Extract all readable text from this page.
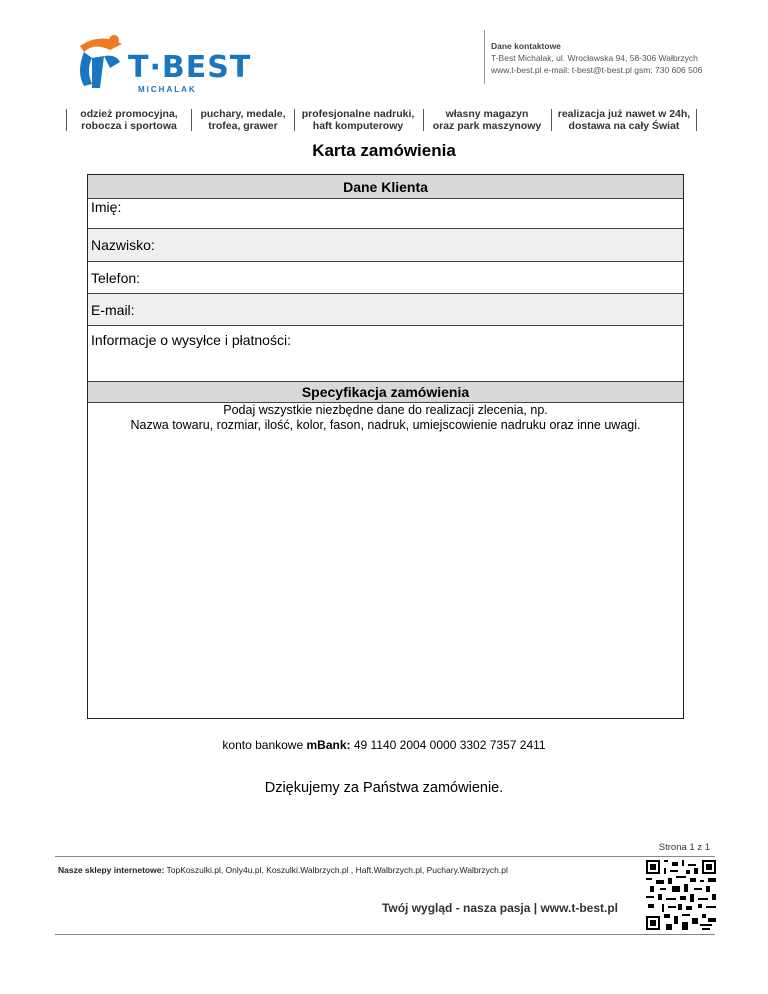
T·BEST
MICHALAK
Dane kontaktowe
T-Best Michalak, ul. Wrocławska 94, 58-306 Wałbrzych
www.t-best.pl e-mail: t-best@t-best.pl gsm: 730 606 506
odzież promocyjna,
robocza i sportowa
puchary, medale,
trofea, grawer
profesjonalne nadruki,
haft komputerowy
własny magazyn
oraz park maszynowy
realizacja już nawet w 24h,
dostawa na cały Świat
Karta zamówienia
Dane Klienta
Imię:
Nazwisko:
Telefon:
E-mail:
Informacje o wysyłce i płatności:
Specyfikacja zamówienia
Podaj wszystkie niezbędne dane do realizacji zlecenia, np.
Nazwa towaru, rozmiar, ilość, kolor, fason, nadruk, umiejscowienie nadruku oraz inne uwagi.
konto bankowe mBank: 49 1140 2004 0000 3302 7357 2411
Dziękujemy za Państwa zamówienie.
Strona 1 z 1
Nasze sklepy internetowe: TopKoszulki.pl, Only4u.pl, Koszulki.Walbrzych.pl , Haft.Walbrzych.pl, Puchary.Walbrzych.pl
Twój wygląd - nasza pasja | www.t-best.pl
